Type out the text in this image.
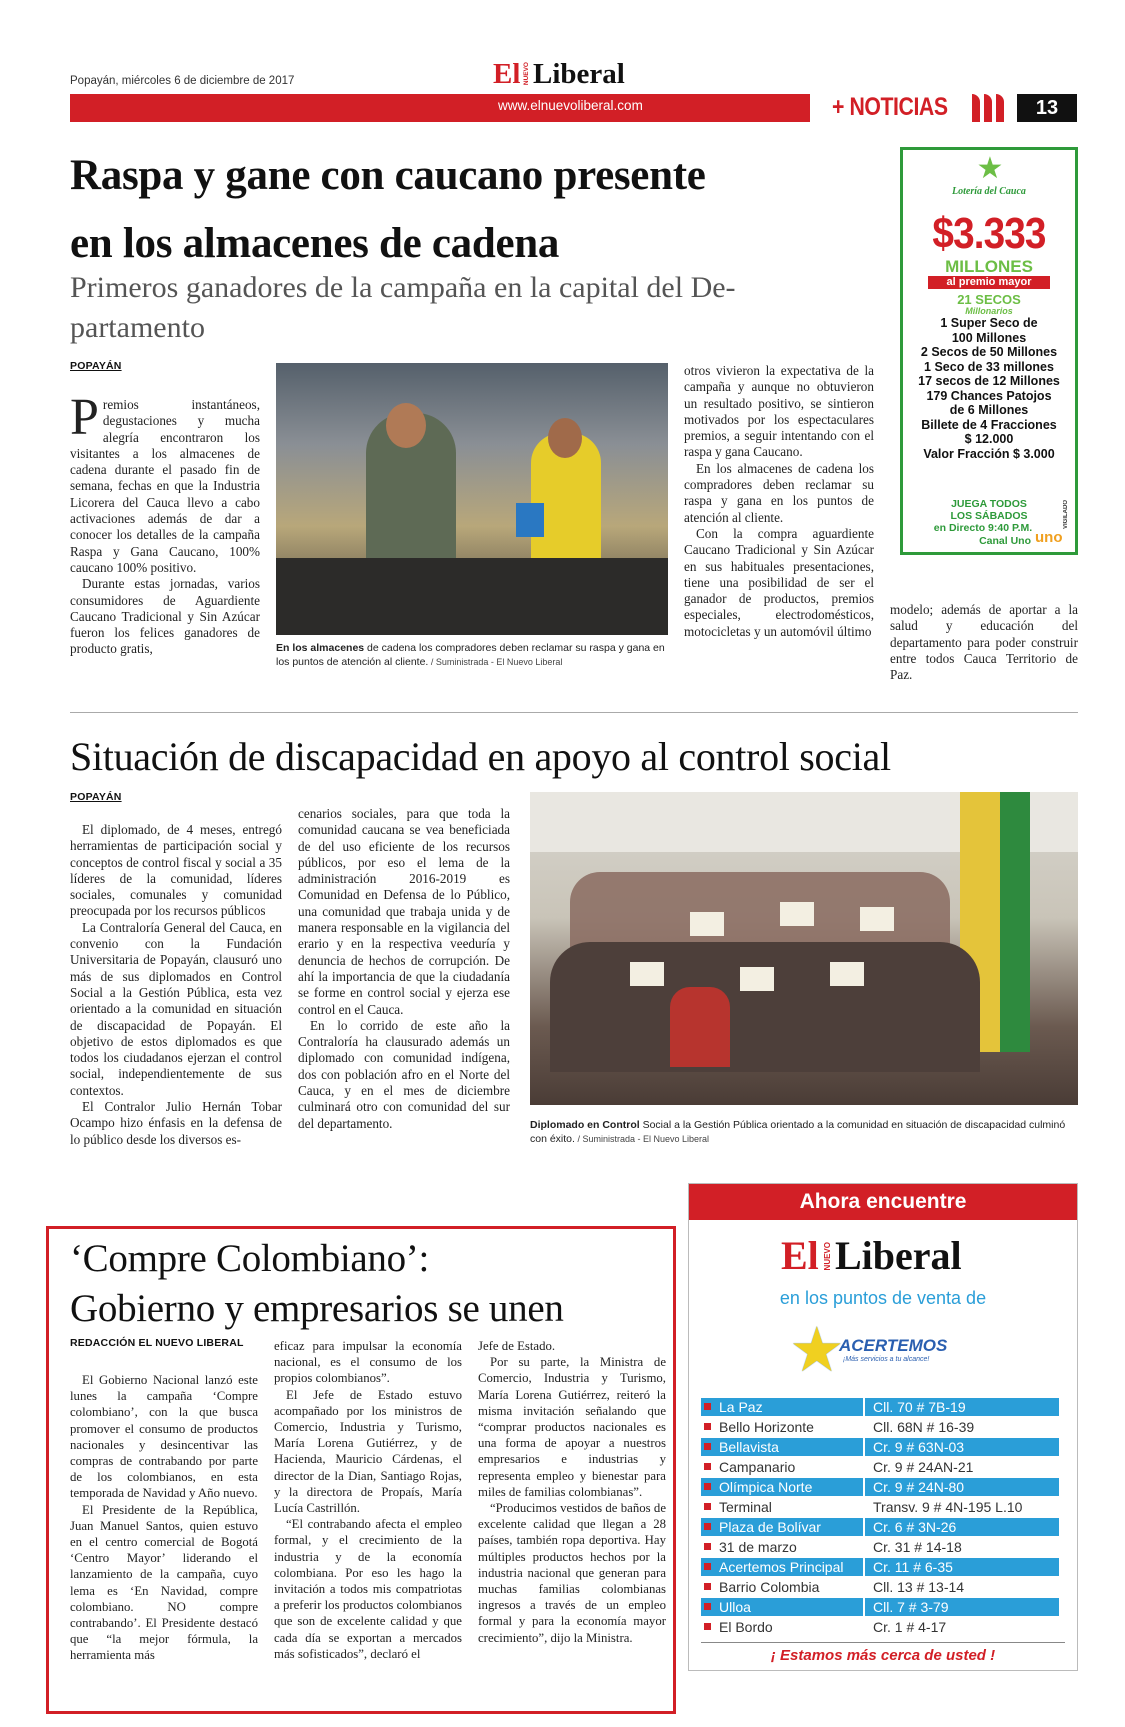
Popayán, miércoles 6 de diciembre de 2017	El NUEVO Liberal
www.elnuevoliberal.com	+ NOTICIAS	13
Raspa y gane con caucano presente
en los almacenes de cadena
Primeros ganadores de la campaña en la capital del De-
partamento
POPAYÁN
P remios instantáneos, degustaciones y mucha alegría encontraron los visitantes a los almacenes de cadena durante el pasado fin de semana, fechas en que la Industria Licorera del Cauca llevo a cabo activaciones además de dar a conocer los detalles de la campaña Raspa y Gana Caucano, 100% caucano 100% positivo.

Durante estas jornadas, varios consumidores de Aguardiente Caucano Tradicional y Sin Azúcar fueron los felices ganadores de producto gratis,	En los almacenes de cadena los compradores deben reclamar su raspa y gana en los puntos de atención al cliente. / Suministrada - El Nuevo Liberal

otros vivieron la expectativa de la campaña y aunque no obtuvieron un resultado positivo, se sintieron motivados por los espectaculares premios, a seguir intentando con el raspa y gana Caucano.

En los almacenes de cadena los compradores deben reclamar su raspa y gana en los puntos de atención al cliente.

Con la compra aguardiente Caucano Tradicional y Sin Azúcar en sus habituales presentaciones, tiene una posibilidad de ser el ganador de productos, premios especiales, electrodomésticos, motocicletas y un automóvil último

modelo; además de aportar a la salud y educación del departamento para poder construir entre todos Cauca Territorio de Paz.

★
Lotería del Cauca
$3.333
MILLONES
al premio mayor
21 SECOS
Millonarios
1 Super Seco de
100 Millones
2 Secos de 50 Millones
1 Seco de 33 millones
17 secos de 12 Millones
179 Chances Patojos
de 6 Millones
Billete de 4 Fracciones
$ 12.000
Valor Fracción $ 3.000
JUEGA TODOS
LOS SÁBADOS
en Directo 9:40 P.M.
Canal Uno uno
VIGILADO
Situación de discapacidad en apoyo al control social
POPAYÁN

El diplomado, de 4 meses, entregó herramientas de participación social y conceptos de control fiscal y social a 35 líderes de la comunidad, líderes sociales, comunales y comunidad preocupada por los recursos públicos

La Contraloría General del Cauca, en convenio con la Fundación Universitaria de Popayán, clausuró uno más de sus diplomados en Control Social a la Gestión Pública, esta vez orientado a la comunidad en situación de discapacidad de Popayán. El objetivo de estos diplomados es que todos los ciudadanos ejerzan el control social, independientemente de sus contextos.

El Contralor Julio Hernán Tobar Ocampo hizo énfasis en la defensa de lo público desde los diversos es-

cenarios sociales, para que toda la comunidad caucana se vea beneficiada de del uso eficiente de los recursos públicos, por eso el lema de la administración 2016-2019 es Comunidad en Defensa de lo Público, una comunidad que trabaja unida y de manera responsable en la vigilancia del erario y en la respectiva veeduría y denuncia de hechos de corrupción. De ahí la importancia de que la ciudadanía se forme en control social y ejerza ese control en el Cauca.

En lo corrido de este año la Contraloría ha clausurado además un diplomado con comunidad indígena, dos con población afro en el Norte del Cauca, y en el mes de diciembre culminará otro con comunidad del sur del departamento.	Diplomado en Control Social a la Gestión Pública orientado a la comunidad en situación de discapacidad culminó con éxito. / Suministrada - El Nuevo Liberal
‘Compre Colombiano’:
Gobierno y empresarios se unen
REDACCIÓN EL NUEVO LIBERAL

El Gobierno Nacional lanzó este lunes la campaña ‘Compre colombiano’, con la que busca promover el consumo de productos nacionales y desincentivar las compras de contrabando por parte de los colombianos, en esta temporada de Navidad y Año nuevo.

El Presidente de la República, Juan Manuel Santos, quien estuvo en el centro comercial de Bogotá ‘Centro Mayor’ liderando el lanzamiento de la campaña, cuyo lema es ‘En Navidad, compre colombiano. NO compre contrabando’. El Presidente destacó que “la mejor fórmula, la herramienta más

eficaz para impulsar la economía nacional, es el consumo de los propios colombianos”.

El Jefe de Estado estuvo acompañado por los ministros de Comercio, Industria y Turismo, María Lorena Gutiérrez, y de Hacienda, Mauricio Cárdenas, el director de la Dian, Santiago Rojas, y la directora de Propaís, María Lucía Castrillón.

“El contrabando afecta el empleo formal, y el crecimiento de la industria y de la economía colombiana. Por eso les hago la invitación a todos mis compatriotas a preferir los productos colombianos que son de excelente calidad y que cada día se exportan a mercados más sofisticados”, declaró el

Jefe de Estado.

Por su parte, la Ministra de Comercio, Industria y Turismo, María Lorena Gutiérrez, reiteró la misma invitación señalando que “comprar productos nacionales es una forma de apoyar a nuestros empresarios e industrias y representa empleo y bienestar para miles de familias colombianas”.

“Producimos vestidos de baños de excelente calidad que llegan a 28 países, también ropa deportiva. Hay múltiples productos hechos por la industria nacional que generan para muchas familias colombianas ingresos a través de un empleo formal y para la economía mayor crecimiento”, dijo la Ministra.

Ahora encuentre
El NUEVO Liberal
en los puntos de venta de
★
ACERTEMOS
¡Más servicios a tu alcance!
La Paz	Cll. 70 # 7B-19
Bello Horizonte	Cll. 68N # 16-39
Bellavista	Cr. 9 # 63N-03
Campanario	Cr. 9 # 24AN-21
Olímpica Norte	Cr. 9 # 24N-80
Terminal	Transv. 9 # 4N-195 L.10
Plaza de Bolívar	Cr. 6 # 3N-26
31 de marzo	Cr. 31 # 14-18
Acertemos Principal Cr. 11 # 6-35
Barrio Colombia	Cll. 13 # 13-14
Ulloa	Cll. 7 # 3-79
El Bordo	Cr. 1 # 4-17
¡ Estamos más cerca de usted !
